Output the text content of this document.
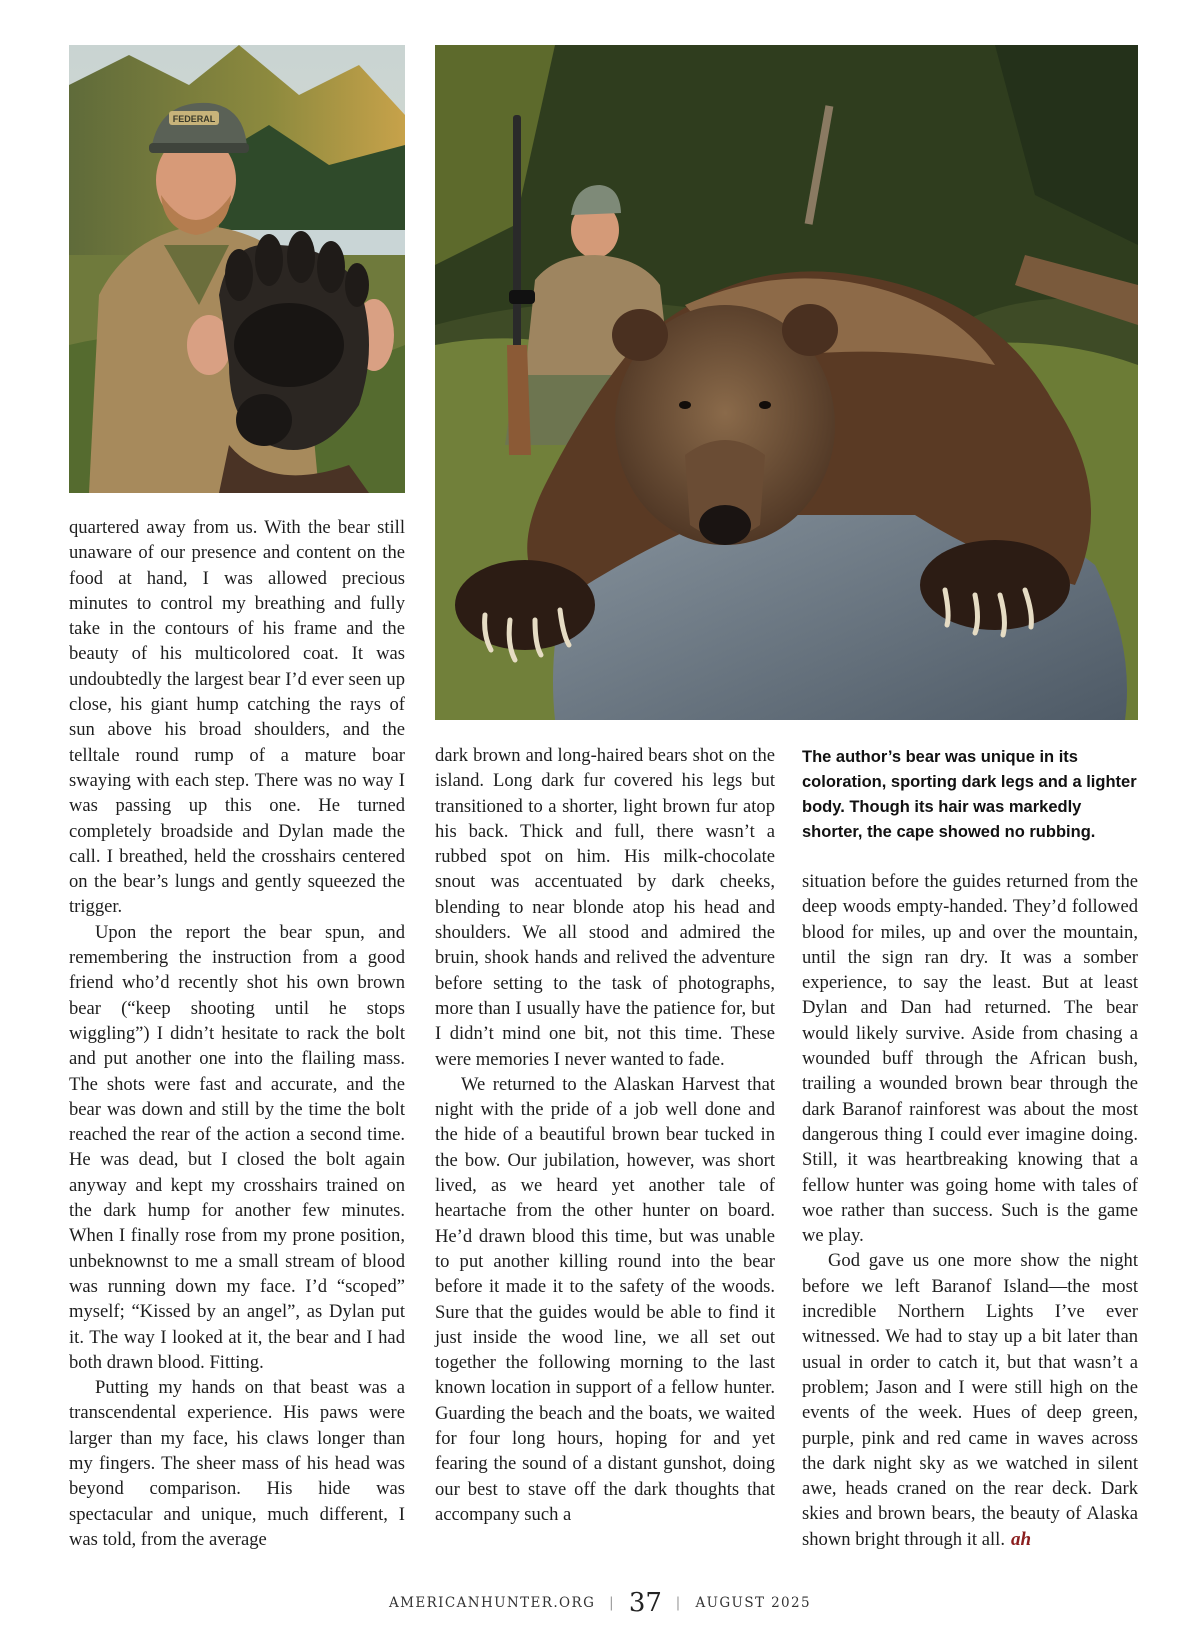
FEDERAL

quartered away from us. With the bear still unaware of our presence and content on the food at hand, I was allowed precious minutes to control my breathing and fully take in the contours of his frame and the beauty of his multicolored coat. It was undoubtedly the largest bear I’d ever seen up close, his giant hump catching the rays of sun above his broad shoulders, and the telltale round rump of a mature boar swaying with each step. There was no way I was passing up this one. He turned completely broadside and Dylan made the call. I breathed, held the crosshairs centered on the bear’s lungs and gently squeezed the trigger.

Upon the report the bear spun, and remembering the instruction from a good friend who’d recently shot his own brown bear (“keep shooting until he stops wiggling”) I didn’t hesitate to rack the bolt and put another one into the flailing mass. The shots were fast and accurate, and the bear was down and still by the time the bolt reached the rear of the action a second time. He was dead, but I closed the bolt again anyway and kept my crosshairs trained on the dark hump for another few minutes. When I finally rose from my prone position, unbeknownst to me a small stream of blood was running down my face. I’d “scoped” myself; “Kissed by an angel”, as Dylan put it. The way I looked at it, the bear and I had both drawn blood. Fitting.

Putting my hands on that beast was a transcendental experience. His paws were larger than my face, his claws longer than my fingers. The sheer mass of his head was beyond comparison. His hide was spectacular and unique, much different, I was told, from the average

dark brown and long-haired bears shot on the island. Long dark fur covered his legs but transitioned to a shorter, light brown fur atop his back. Thick and full, there wasn’t a rubbed spot on him. His milk-chocolate snout was accentuated by dark cheeks, blending to near blonde atop his head and shoulders. We all stood and admired the bruin, shook hands and relived the adventure before setting to the task of photographs, more than I usually have the patience for, but I didn’t mind one bit, not this time. These were memories I never wanted to fade.

We returned to the Alaskan Harvest that night with the pride of a job well done and the hide of a beautiful brown bear tucked in the bow. Our jubilation, however, was short lived, as we heard yet another tale of heartache from the other hunter on board. He’d drawn blood this time, but was unable to put another killing round into the bear before it made it to the safety of the woods. Sure that the guides would be able to find it just inside the wood line, we all set out together the following morning to the last known location in support of a fellow hunter. Guarding the beach and the boats, we waited for four long hours, hoping for and yet fearing the sound of a distant gunshot, doing our best to stave off the dark thoughts that accompany such a

The author’s bear was unique in its coloration, sporting dark legs and a lighter body. Though its hair was markedly shorter, the cape showed no rubbing.

situation before the guides returned from the deep woods empty-handed. They’d followed blood for miles, up and over the mountain, until the sign ran dry. It was a somber experience, to say the least. But at least Dylan and Dan had returned. The bear would likely survive. Aside from chasing a wounded buff through the African bush, trailing a wounded brown bear through the dark Baranof rainforest was about the most dangerous thing I could ever imagine doing. Still, it was heartbreaking knowing that a fellow hunter was going home with tales of woe rather than success. Such is the game we play.

God gave us one more show the night before we left Baranof Island—the most incredible Northern Lights I’ve ever witnessed. We had to stay up a bit later than usual in order to catch it, but that wasn’t a problem; Jason and I were still high on the events of the week. Hues of deep green, purple, pink and red came in waves across the dark night sky as we watched in silent awe, heads craned on the rear deck. Dark skies and brown bears, the beauty of Alaska shown bright through it all. ah

AMERICANHUNTER.ORG | 37 | AUGUST 2025
